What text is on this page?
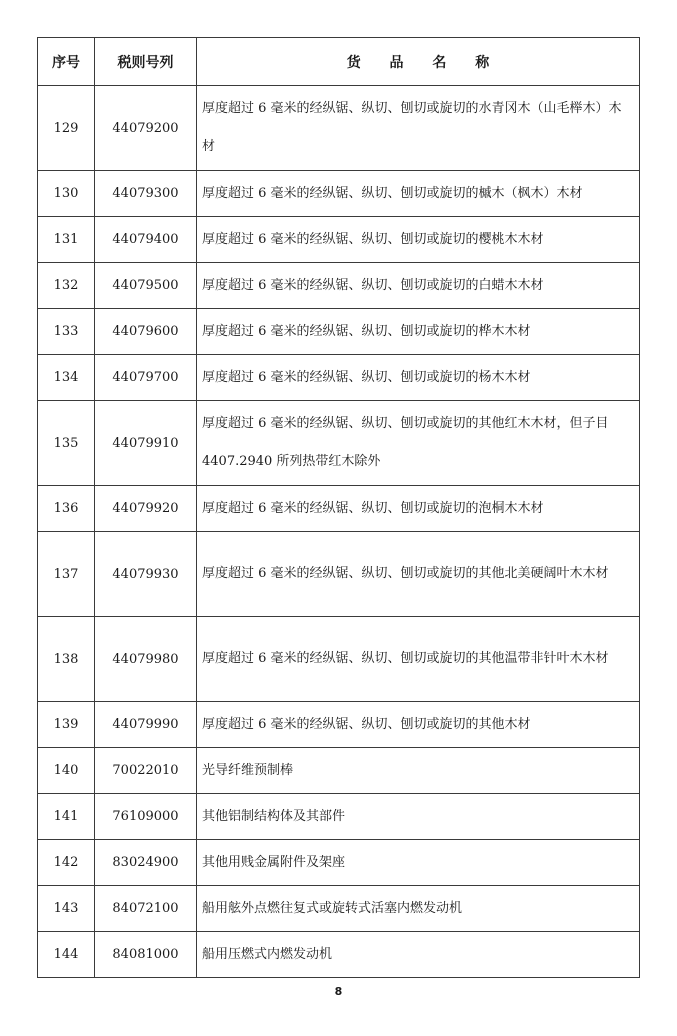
序号	税则号列	货 品 名 称
129	44079200	厚度超过 6 毫米的经纵锯、纵切、刨切或旋切的水青冈木（山毛榉木）木材
130	44079300	厚度超过 6 毫米的经纵锯、纵切、刨切或旋切的槭木（枫木）木材
131	44079400	厚度超过 6 毫米的经纵锯、纵切、刨切或旋切的樱桃木木材
132	44079500	厚度超过 6 毫米的经纵锯、纵切、刨切或旋切的白蜡木木材
133	44079600	厚度超过 6 毫米的经纵锯、纵切、刨切或旋切的桦木木材
134	44079700	厚度超过 6 毫米的经纵锯、纵切、刨切或旋切的杨木木材
135	44079910	厚度超过 6 毫米的经纵锯、纵切、刨切或旋切的其他红木木材，但子目 4407.2940 所列热带红木除外
136	44079920	厚度超过 6 毫米的经纵锯、纵切、刨切或旋切的泡桐木木材
137	44079930	厚度超过 6 毫米的经纵锯、纵切、刨切或旋切的其他北美硬阔叶木木材
138	44079980	厚度超过 6 毫米的经纵锯、纵切、刨切或旋切的其他温带非针叶木木材
139	44079990	厚度超过 6 毫米的经纵锯、纵切、刨切或旋切的其他木材
140	70022010	光导纤维预制棒
141	76109000	其他铝制结构体及其部件
142	83024900	其他用贱金属附件及架座
143	84072100	船用舷外点燃往复式或旋转式活塞内燃发动机
144	84081000	船用压燃式内燃发动机
8
